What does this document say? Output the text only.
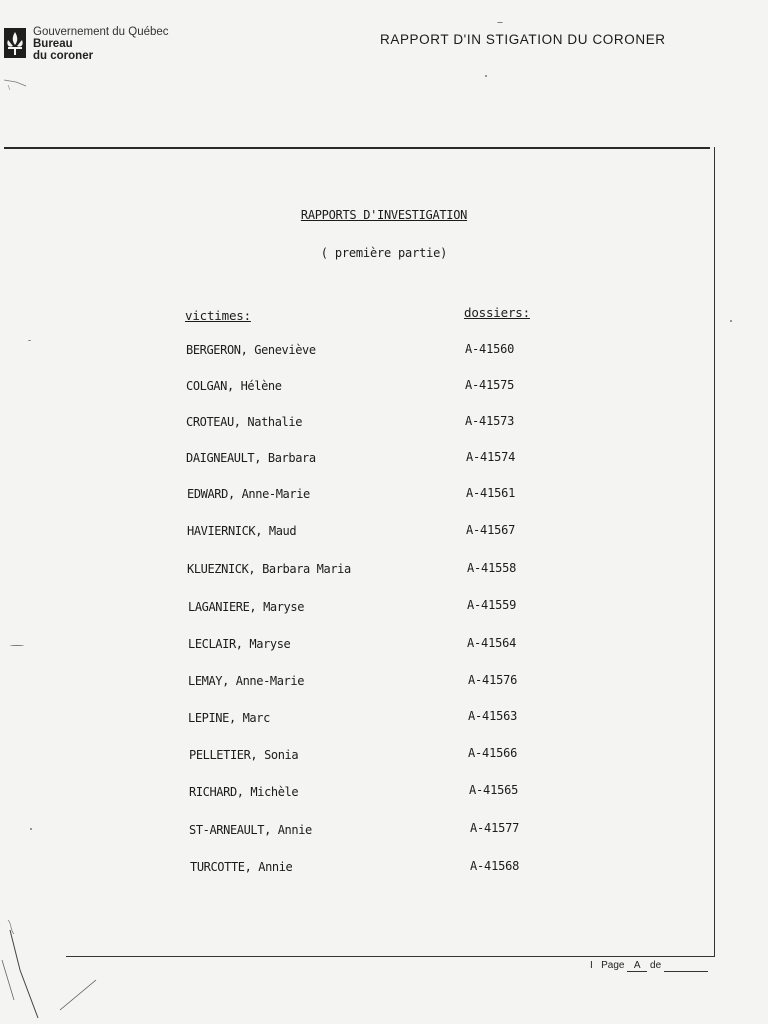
Gouvernement du Québec
Bureau
du coroner
RAPPORT D'IN STIGATION DU CORONER
RAPPORTS D'INVESTIGATION
( première partie)
victimes:	dossiers:
BERGERON, Geneviève	A-41560
COLGAN, Hélène	A-41575
CROTEAU, Nathalie	A-41573
DAIGNEAULT, Barbara	A-41574
EDWARD, Anne-Marie	A-41561
HAVIERNICK, Maud	A-41567
KLUEZNICK, Barbara Maria	A-41558
LAGANIERE, Maryse	A-41559
LECLAIR, Maryse	A-41564
LEMAY, Anne-Marie	A-41576
LEPINE, Marc	A-41563
PELLETIER, Sonia	A-41566
RICHARD, Michèle	A-41565
ST-ARNEAULT, Annie	A-41577
TURCOTTE, Annie	A-41568
I Page A de
